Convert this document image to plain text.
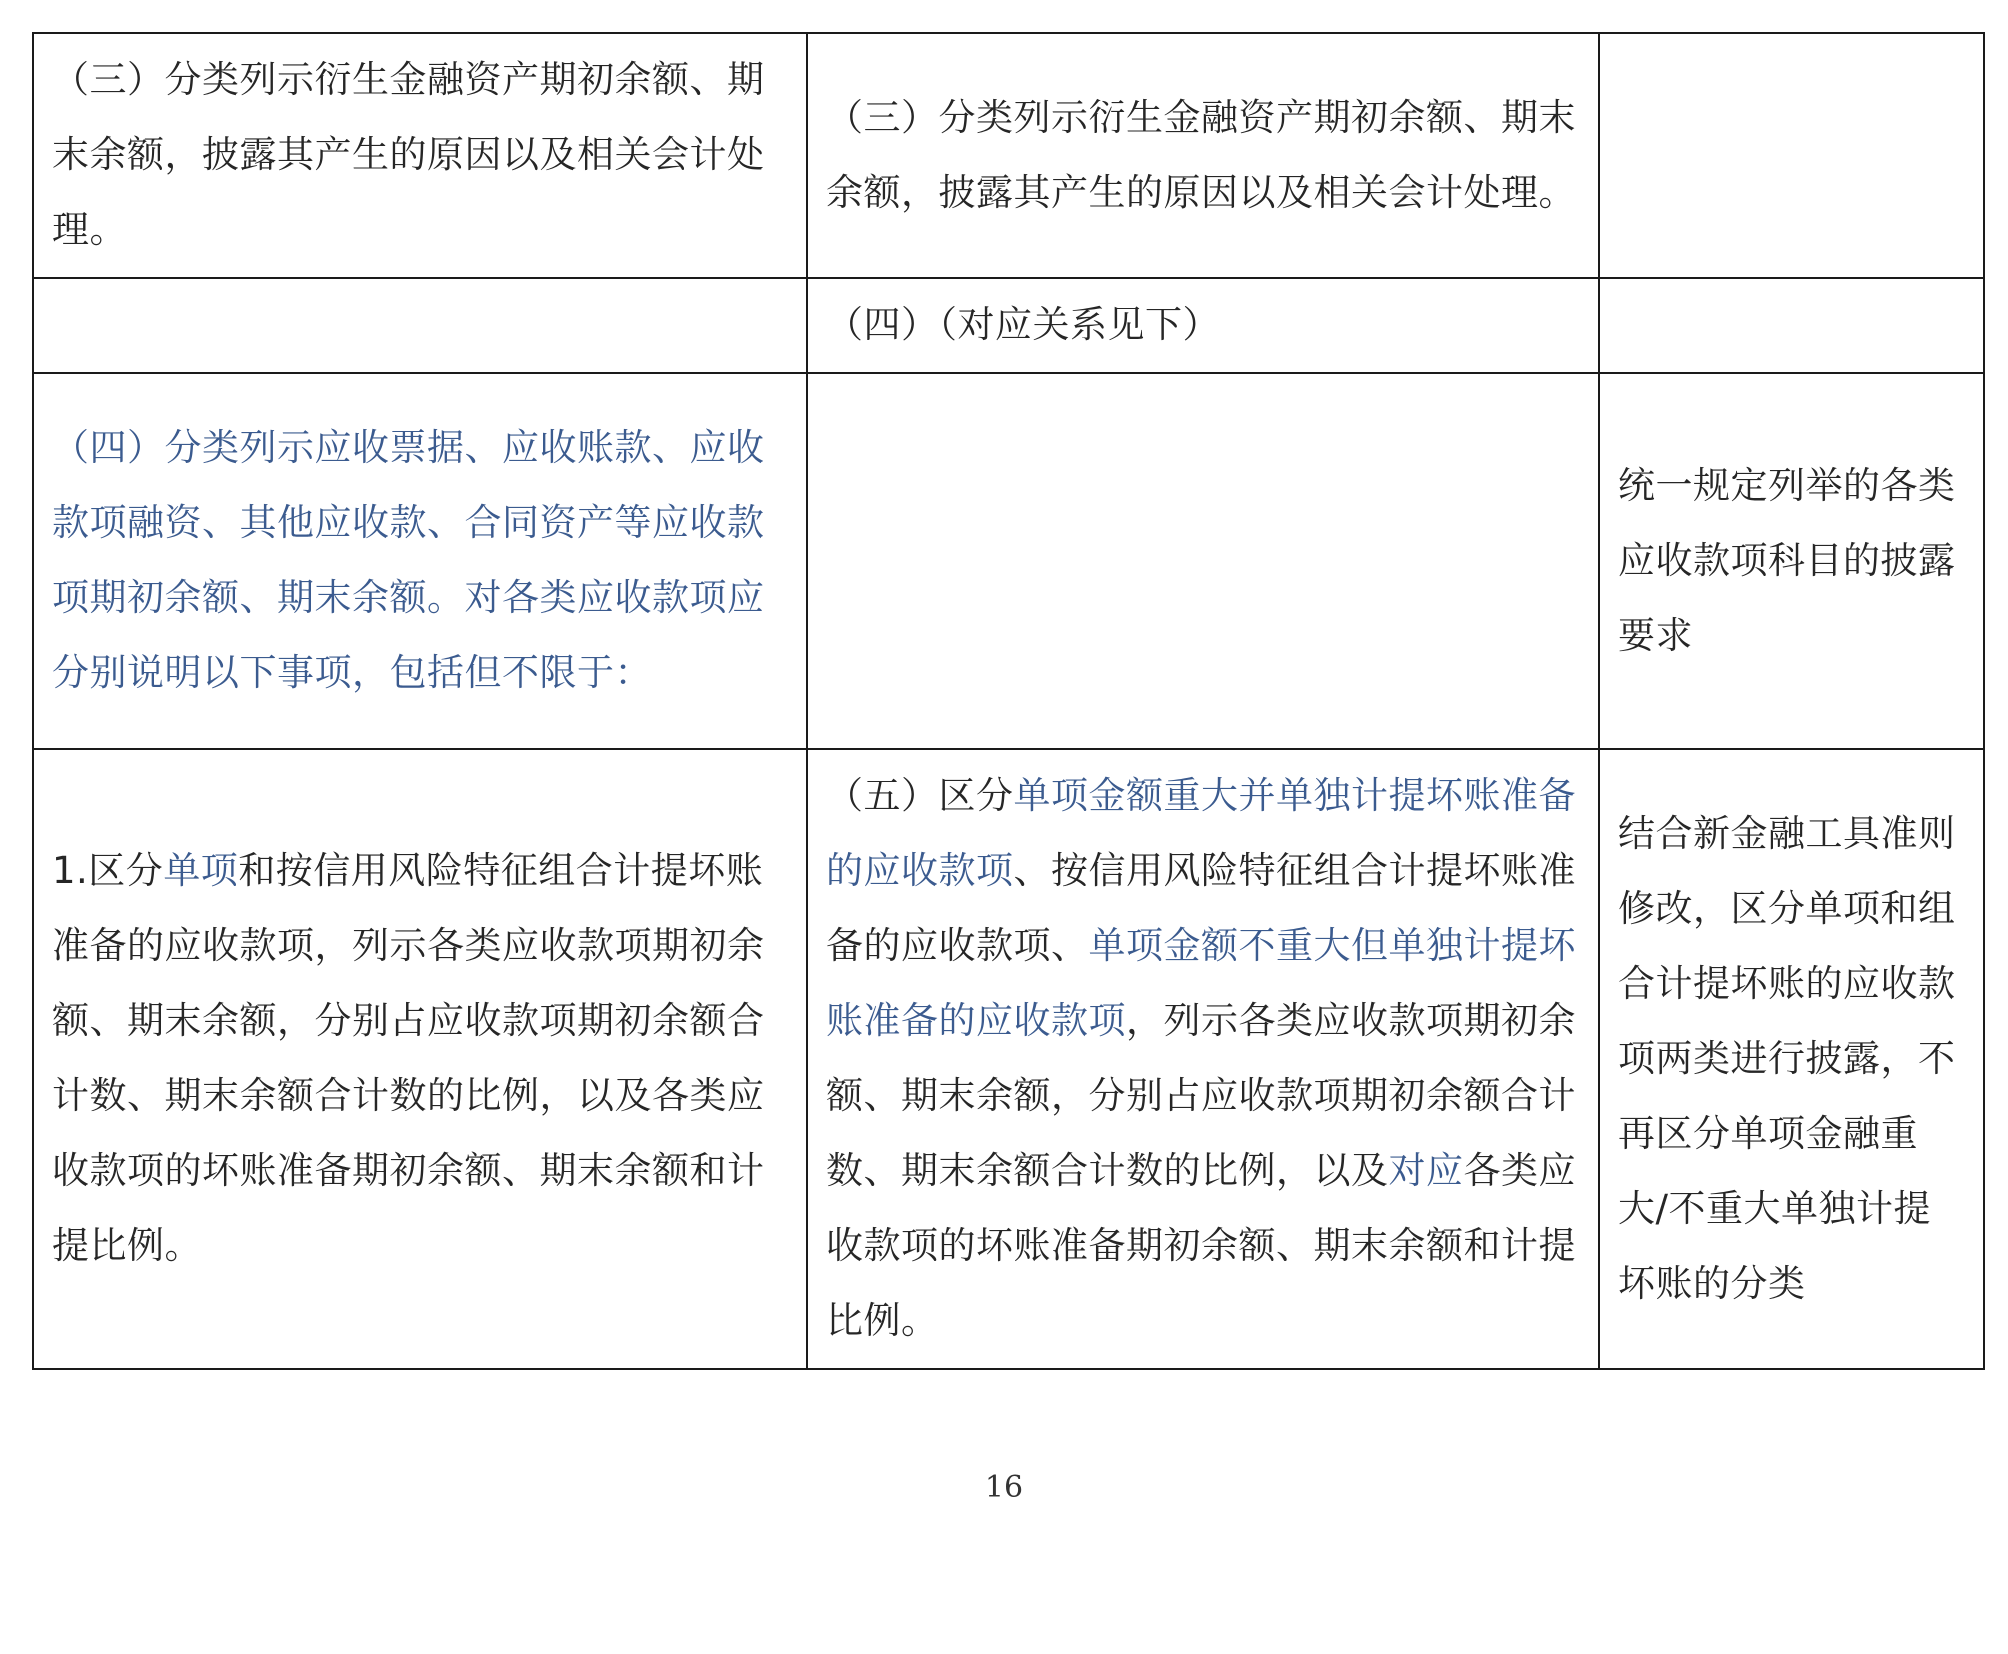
（三）分类列示衍生金融资产期初余额、期末余额，披露其产生的原因以及相关会计处理。	（三）分类列示衍生金融资产期初余额、期末余额，披露其产生的原因以及相关会计处理。	
	（四）（对应关系见下）	
（四）分类列示应收票据、应收账款、应收款项融资、其他应收款、合同资产等应收款项期初余额、期末余额。对各类应收款项应分别说明以下事项，包括但不限于：		统一规定列举的各类应收款项科目的披露要求
1.区分单项和按信用风险特征组合计提坏账准备的应收款项，列示各类应收款项期初余额、期末余额，分别占应收款项期初余额合计数、期末余额合计数的比例，以及各类应收款项的坏账准备期初余额、期末余额和计提比例。	（五）区分单项金额重大并单独计提坏账准备的应收款项、按信用风险特征组合计提坏账准备的应收款项、单项金额不重大但单独计提坏账准备的应收款项，列示各类应收款项期初余额、期末余额，分别占应收款项期初余额合计数、期末余额合计数的比例，以及对应各类应收款项的坏账准备期初余额、期末余额和计提比例。	结合新金融工具准则修改，区分单项和组合计提坏账的应收款项两类进行披露，不再区分单项金融重大/不重大单独计提坏账的分类
16
